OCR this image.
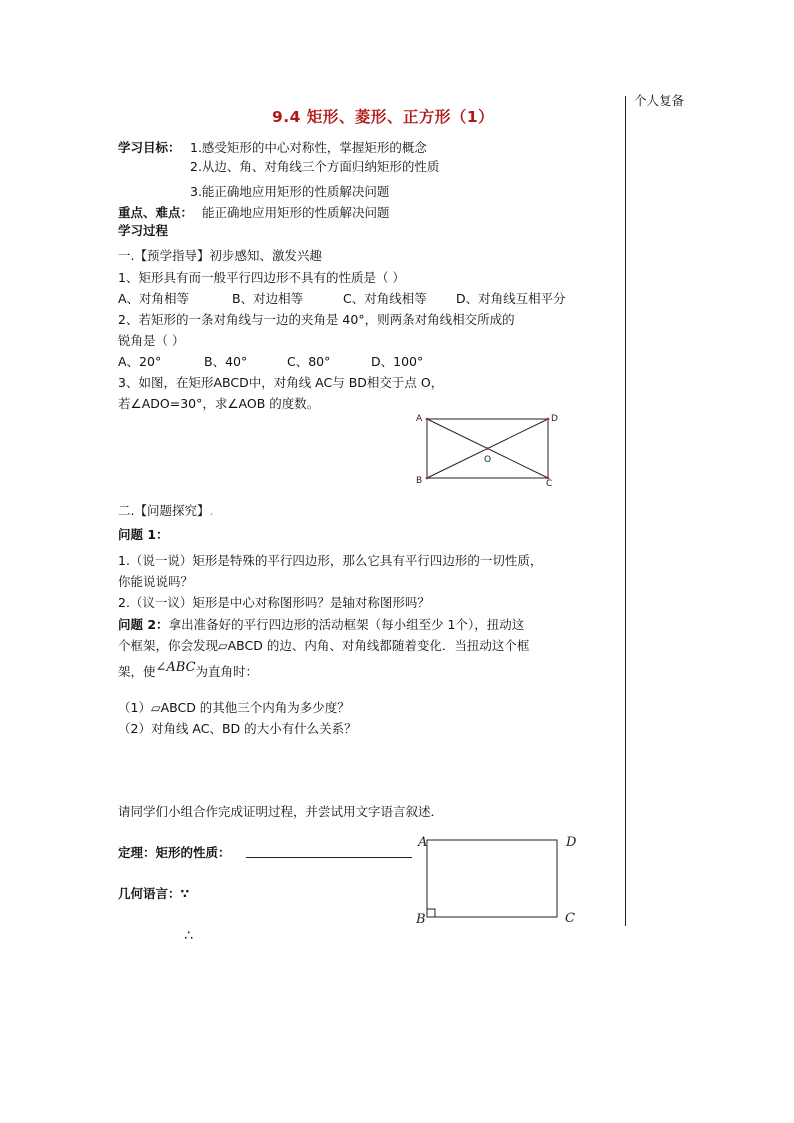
个人复备
9.4 矩形、菱形、正方形（1）
学习目标： 1.感受矩形的中心对称性，掌握矩形的概念
2.从边、角、对角线三个方面归纳矩形的性质
3.能正确地应用矩形的性质解决问题
重点、难点： 能正确地应用矩形的性质解决问题
学习过程
一.【预学指导】初步感知、激发兴趣
1、矩形具有而一般平行四边形不具有的性质是（ ）
A、对角相等	B、对边相等	C、对角线相等 D、对角线互相平分
2、若矩形的一条对角线与一边的夹角是 40°，则两条对角线相交所成的
锐角是（ ）
A、20°	B、40°	C、80°	D、100°
3、如图，在矩形ABCD中，对角线 AC与 BD相交于点 O，
若∠ADO=30°，求∠AOB 的度数。
A	D
B	C
O
二.【问题探究】.
问题 1：
1.（说一说）矩形是特殊的平行四边形，那么它具有平行四边形的一切性质，
你能说说吗？
2.（议一议）矩形是中心对称图形吗？是轴对称图形吗？
问题 2：拿出准备好的平行四边形的活动框架（每小组至少 1个），扭动这
个框架，你会发现▱ABCD 的边、内角、对角线都随着变化．当扭动这个框
架，使∠ABC为直角时：
（1）▱ABCD 的其他三个内角为多少度？
（2）对角线 AC、BD 的大小有什么关系？
请同学们小组合作完成证明过程，并尝试用文字语言叙述．
定理：矩形的性质：
几何语言：∵
∴
A	D
B	C
